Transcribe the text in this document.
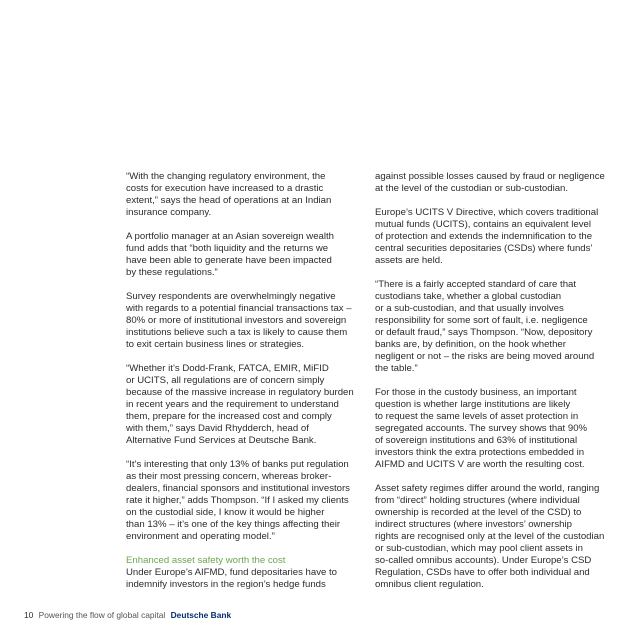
“With the changing regulatory environment, the
costs for execution have increased to a drastic
extent,” says the head of operations at an Indian
insurance company.

A portfolio manager at an Asian sovereign wealth
fund adds that “both liquidity and the returns we
have been able to generate have been impacted
by these regulations.”

Survey respondents are overwhelmingly negative
with regards to a potential financial transactions tax –
80% or more of institutional investors and sovereign
institutions believe such a tax is likely to cause them
to exit certain business lines or strategies.

“Whether it’s Dodd-Frank, FATCA, EMIR, MiFID
or UCITS, all regulations are of concern simply
because of the massive increase in regulatory burden
in recent years and the requirement to understand
them, prepare for the increased cost and comply
with them,” says David Rhydderch, head of
Alternative Fund Services at Deutsche Bank.

“It’s interesting that only 13% of banks put regulation
as their most pressing concern, whereas broker-
dealers, financial sponsors and institutional investors
rate it higher,” adds Thompson. “If I asked my clients
on the custodial side, I know it would be higher
than 13% – it’s one of the key things affecting their
environment and operating model.”

Enhanced asset safety worth the cost
Under Europe’s AIFMD, fund depositaries have to
indemnify investors in the region’s hedge funds

against possible losses caused by fraud or negligence
at the level of the custodian or sub-custodian.

Europe’s UCITS V Directive, which covers traditional
mutual funds (UCITS), contains an equivalent level
of protection and extends the indemnification to the
central securities depositaries (CSDs) where funds’
assets are held.

“There is a fairly accepted standard of care that
custodians take, whether a global custodian
or a sub-custodian, and that usually involves
responsibility for some sort of fault, i.e. negligence
or default fraud,” says Thompson. “Now, depository
banks are, by definition, on the hook whether
negligent or not – the risks are being moved around
the table.”

For those in the custody business, an important
question is whether large institutions are likely
to request the same levels of asset protection in
segregated accounts. The survey shows that 90%
of sovereign institutions and 63% of institutional
investors think the extra protections embedded in
AIFMD and UCITS V are worth the resulting cost.

Asset safety regimes differ around the world, ranging
from “direct” holding structures (where individual
ownership is recorded at the level of the CSD) to
indirect structures (where investors’ ownership
rights are recognised only at the level of the custodian
or sub-custodian, which may pool client assets in
so-called omnibus accounts). Under Europe’s CSD
Regulation, CSDs have to offer both individual and
omnibus client regulation.

10 Powering the flow of global capital Deutsche Bank
